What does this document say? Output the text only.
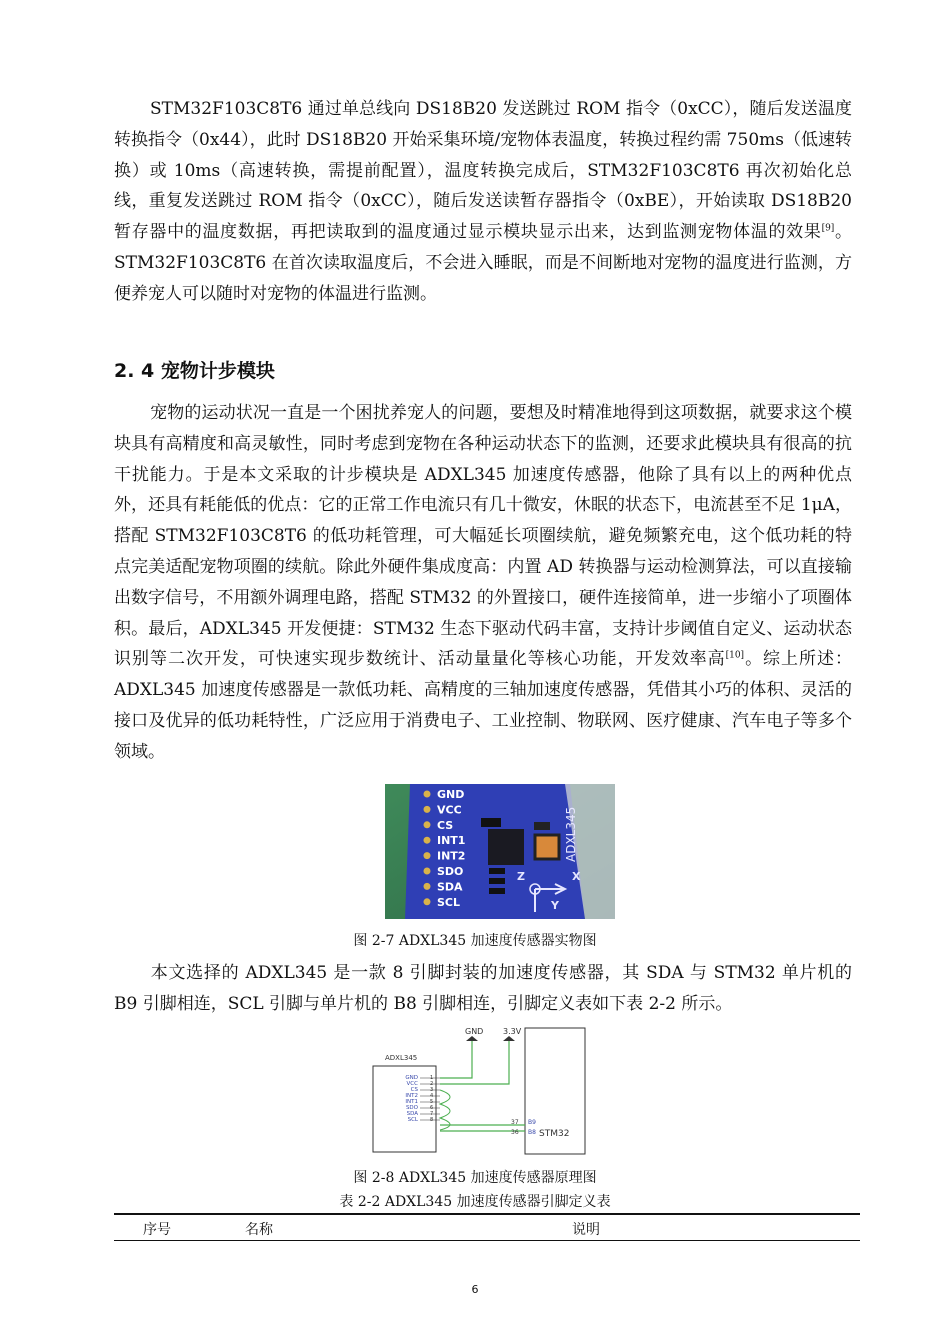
STM32F103C8T6 通过单总线向 DS18B20 发送跳过 ROM 指令（0xCC），随后发送温度转换指令（0x44），此时 DS18B20 开始采集环境/宠物体表温度，转换过程约需 750ms（低速转换）或 10ms（高速转换，需提前配置），温度转换完成后，STM32F103C8T6 再次初始化总线，重复发送跳过 ROM 指令（0xCC），随后发送读暂存器指令（0xBE），开始读取 DS18B20 暂存器中的温度数据，再把读取到的温度通过显示模块显示出来，达到监测宠物体温的效果[9]。STM32F103C8T6 在首次读取温度后，不会进入睡眠，而是不间断地对宠物的温度进行监测，方便养宠人可以随时对宠物的体温进行监测。

2. 4 宠物计步模块

宠物的运动状况一直是一个困扰养宠人的问题，要想及时精准地得到这项数据，就要求这个模块具有高精度和高灵敏性，同时考虑到宠物在各种运动状态下的监测，还要求此模块具有很高的抗干扰能力。于是本文采取的计步模块是 ADXL345 加速度传感器，他除了具有以上的两种优点外，还具有耗能低的优点：它的正常工作电流只有几十微安，休眠的状态下，电流甚至不足 1μA，搭配 STM32F103C8T6 的低功耗管理，可大幅延长项圈续航，避免频繁充电，这个低功耗的特点完美适配宠物项圈的续航。除此外硬件集成度高：内置 AD 转换器与运动检测算法，可以直接输出数字信号，不用额外调理电路，搭配 STM32 的外置接口，硬件连接简单，进一步缩小了项圈体积。最后，ADXL345 开发便捷：STM32 生态下驱动代码丰富，支持计步阈值自定义、运动状态识别等二次开发，可快速实现步数统计、活动量量化等核心功能，开发效率高[10]。综上所述：ADXL345 加速度传感器是一款低功耗、高精度的三轴加速度传感器，凭借其小巧的体积、灵活的接口及优异的低功耗特性，广泛应用于消费电子、工业控制、物联网、医疗健康、汽车电子等多个领域。

GND
VCC
CS
INT1
INT2
SDO
SDA
SCL
ADXL345
Z	X
Y
图 2-7 ADXL345 加速度传感器实物图

本文选择的 ADXL345 是一款 8 引脚封装的加速度传感器，其 SDA 与 STM32 单片机的 B9 引脚相连，SCL 引脚与单片机的 B8 引脚相连，引脚定义表如下表 2-2 所示。

GND 3.3V
ADXL345
STM32
GND 1
VCC 2
CS 3
INT2 4
INT1 5
SDO 6
SDA 7
SCL 8	37
36
B9
B8
图 2-8 ADXL345 加速度传感器原理图
表 2-2 ADXL345 加速度传感器引脚定义表
序号	名称	说明
6
